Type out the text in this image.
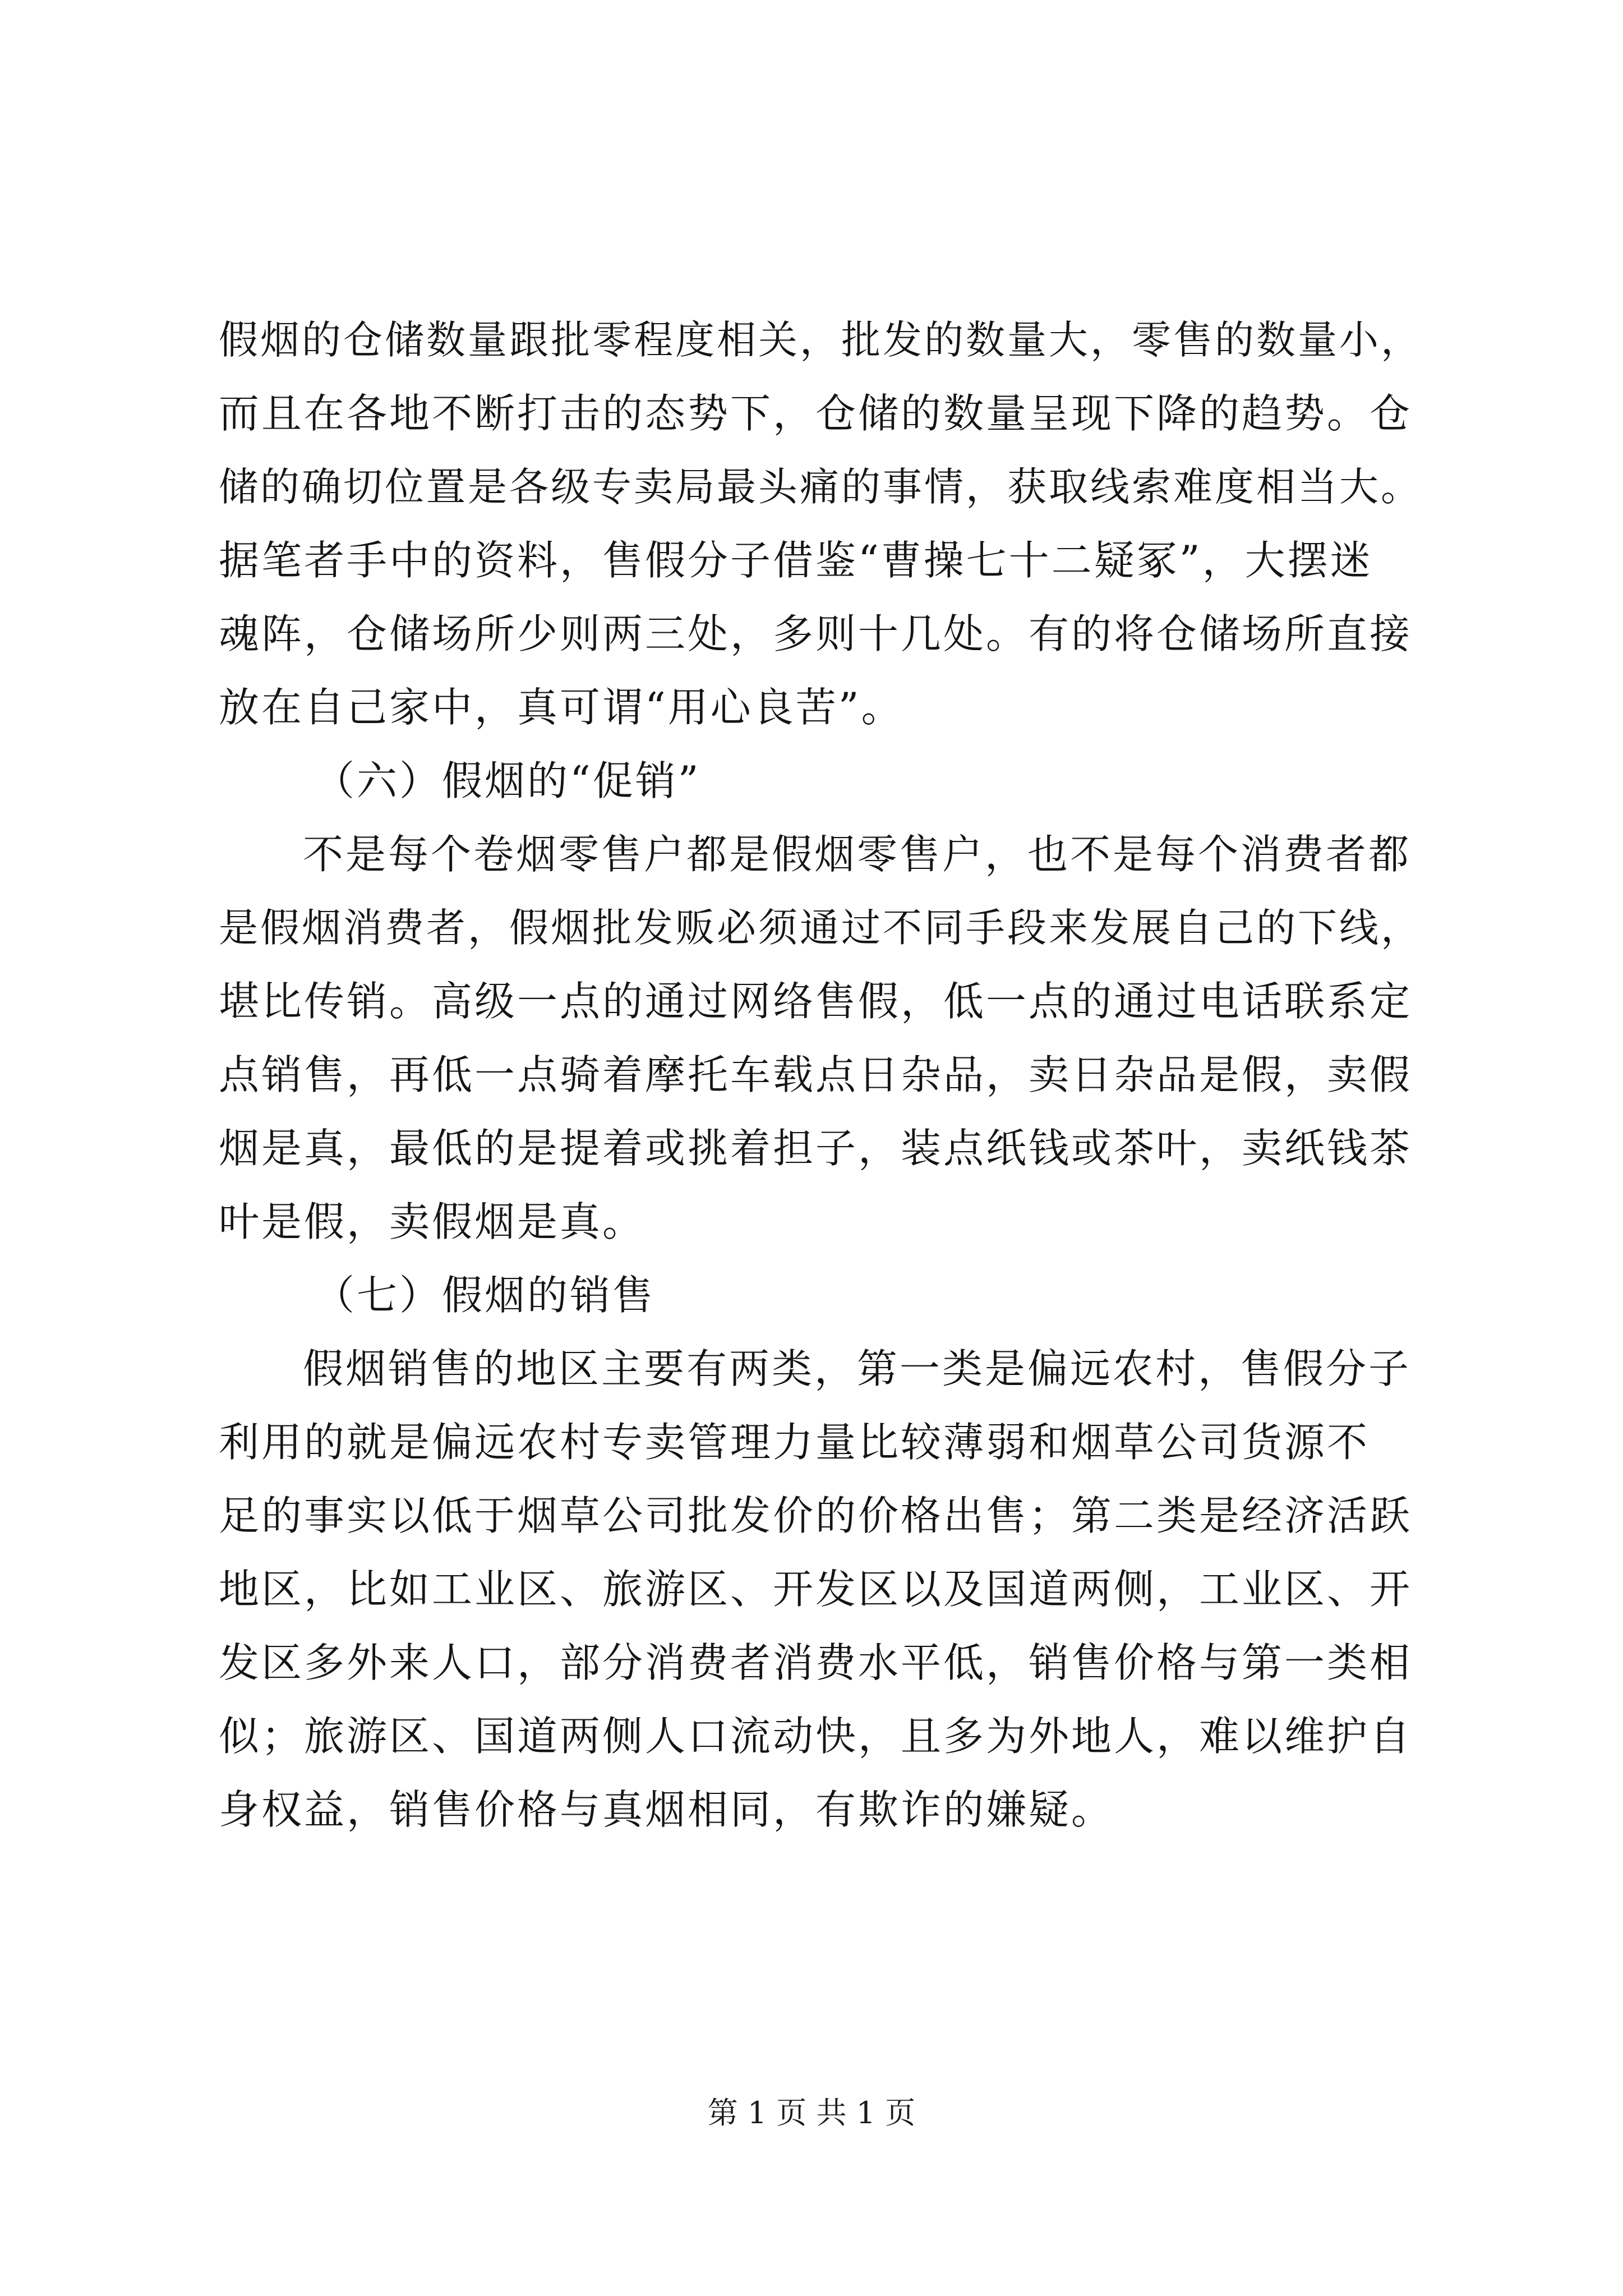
假烟的仓储数量跟批零程度相关，批发的数量大，零售的数量小，
而且在各地不断打击的态势下，仓储的数量呈现下降的趋势。仓
储的确切位置是各级专卖局最头痛的事情，获取线索难度相当大。
据笔者手中的资料，售假分子借鉴“曹操七十二疑冢”，大摆迷
魂阵，仓储场所少则两三处，多则十几处。有的将仓储场所直接
放在自己家中，真可谓“用心良苦”。
（六）假烟的“促销”
不是每个卷烟零售户都是假烟零售户，也不是每个消费者都
是假烟消费者，假烟批发贩必须通过不同手段来发展自己的下线，
堪比传销。高级一点的通过网络售假，低一点的通过电话联系定
点销售，再低一点骑着摩托车载点日杂品，卖日杂品是假，卖假
烟是真，最低的是提着或挑着担子，装点纸钱或茶叶，卖纸钱茶
叶是假，卖假烟是真。
（七）假烟的销售
假烟销售的地区主要有两类，第一类是偏远农村，售假分子
利用的就是偏远农村专卖管理力量比较薄弱和烟草公司货源不
足的事实以低于烟草公司批发价的价格出售；第二类是经济活跃
地区，比如工业区、旅游区、开发区以及国道两侧，工业区、开
发区多外来人口，部分消费者消费水平低，销售价格与第一类相
似；旅游区、国道两侧人口流动快，且多为外地人，难以维护自
身权益，销售价格与真烟相同，有欺诈的嫌疑。
第 1 页 共 1 页
